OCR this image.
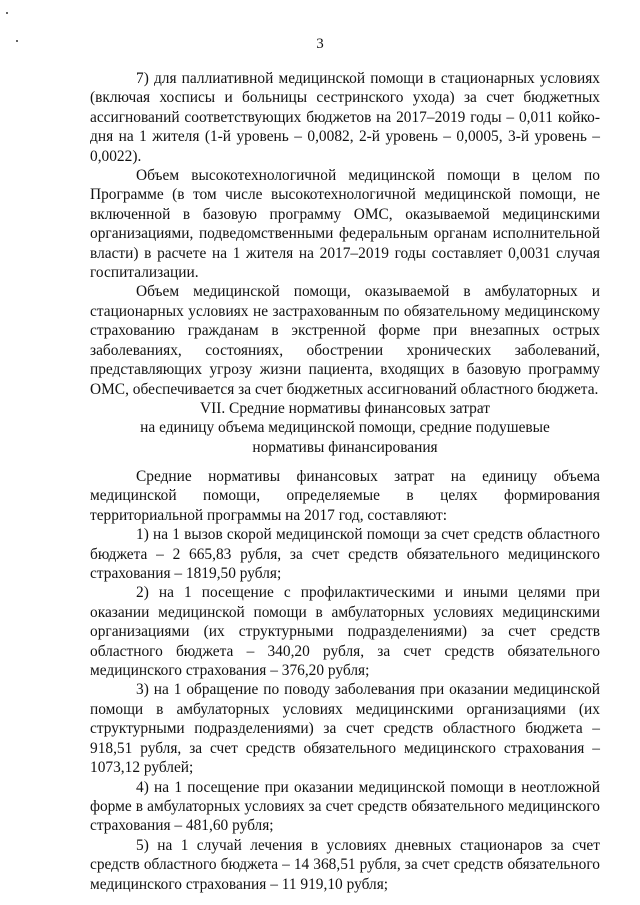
3

7) для паллиативной медицинской помощи в стационарных условиях (включая хосписы и больницы сестринского ухода) за счет бюджетных ассигнований соответствующих бюджетов на 2017–2019 годы – 0,011 койко-дня на 1 жителя (1-й уровень – 0,0082, 2-й уровень – 0,0005, 3-й уровень – 0,0022).

Объем высокотехнологичной медицинской помощи в целом по Программе (в том числе высокотехнологичной медицинской помощи, не включенной в базовую программу ОМС, оказываемой медицинскими организациями, подведомственными федеральным органам исполнительной власти) в расчете на 1 жителя на 2017–2019 годы составляет 0,0031 случая госпитализации.

Объем медицинской помощи, оказываемой в амбулаторных и стационарных условиях не застрахованным по обязательному медицинскому страхованию гражданам в экстренной форме при внезапных острых заболеваниях, состояниях, обострении хронических заболеваний, представляющих угрозу жизни пациента, входящих в базовую программу ОМС, обеспечивается за счет бюджетных ассигнований областного бюджета.

VII. Средние нормативы финансовых затрат
на единицу объема медицинской помощи, средние подушевые
нормативы финансирования

Средние нормативы финансовых затрат на единицу объема медицинской помощи, определяемые в целях формирования территориальной программы на 2017 год, составляют:

1) на 1 вызов скорой медицинской помощи за счет средств областного бюджета – 2 665,83 рубля, за счет средств обязательного медицинского страхования – 1819,50 рубля;

2) на 1 посещение с профилактическими и иными целями при оказании медицинской помощи в амбулаторных условиях медицинскими организациями (их структурными подразделениями) за счет средств областного бюджета – 340,20 рубля, за счет средств обязательного медицинского страхования – 376,20 рубля;

3) на 1 обращение по поводу заболевания при оказании медицинской помощи в амбулаторных условиях медицинскими организациями (их структурными подразделениями) за счет средств областного бюджета – 918,51 рубля, за счет средств обязательного медицинского страхования – 1073,12 рублей;

4) на 1 посещение при оказании медицинской помощи в неотложной форме в амбулаторных условиях за счет средств обязательного медицинского страхования – 481,60 рубля;

5) на 1 случай лечения в условиях дневных стационаров за счет средств областного бюджета – 14 368,51 рубля, за счет средств обязательного медицинского страхования – 11 919,10 рубля;
